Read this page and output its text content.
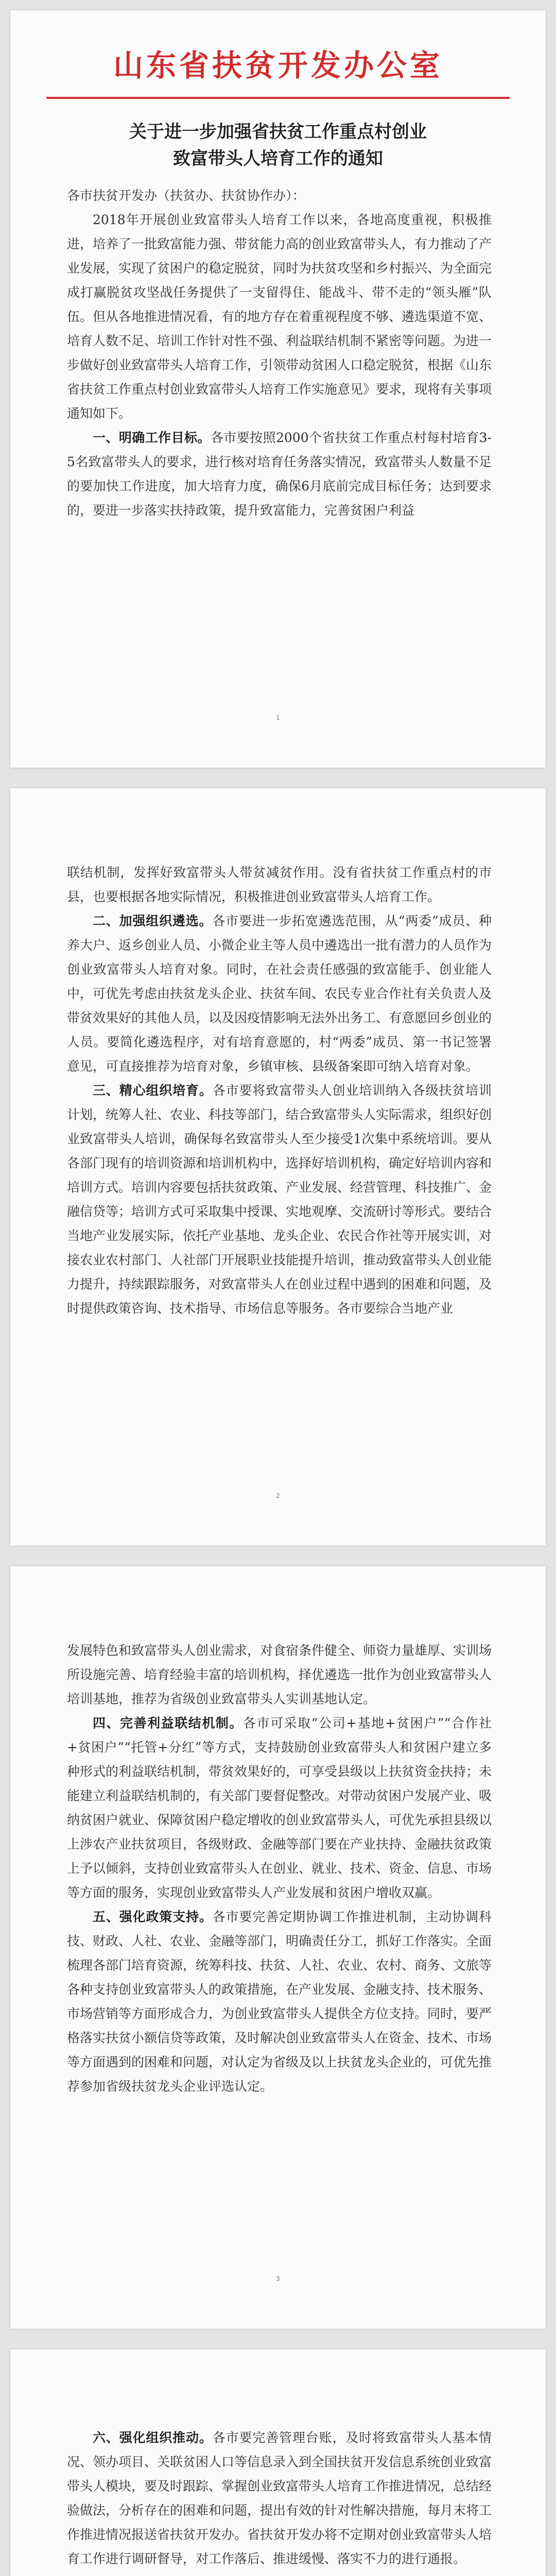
山东省扶贫开发办公室
关于进一步加强省扶贫工作重点村创业
致富带头人培育工作的通知

各市扶贫开发办（扶贫办、扶贫协作办）：

2018年开展创业致富带头人培育工作以来，各地高度重视，积极推进，培养了一批致富能力强、带贫能力高的创业致富带头人，有力推动了产业发展，实现了贫困户的稳定脱贫，同时为扶贫攻坚和乡村振兴、为全面完成打赢脱贫攻坚战任务提供了一支留得住、能战斗、带不走的“领头雁”队伍。但从各地推进情况看，有的地方存在着重视程度不够、遴选渠道不宽、培育人数不足、培训工作针对性不强、利益联结机制不紧密等问题。为进一步做好创业致富带头人培育工作，引领带动贫困人口稳定脱贫，根据《山东省扶贫工作重点村创业致富带头人培育工作实施意见》要求，现将有关事项通知如下。

一、明确工作目标。各市要按照2000个省扶贫工作重点村每村培育3-5名致富带头人的要求，进行核对培育任务落实情况，致富带头人数量不足的要加快工作进度，加大培育力度，确保6月底前完成目标任务；达到要求的，要进一步落实扶持政策，提升致富能力，完善贫困户利益

1

联结机制，发挥好致富带头人带贫减贫作用。没有省扶贫工作重点村的市县，也要根据各地实际情况，积极推进创业致富带头人培育工作。

二、加强组织遴选。各市要进一步拓宽遴选范围，从“两委”成员、种养大户、返乡创业人员、小微企业主等人员中遴选出一批有潜力的人员作为创业致富带头人培育对象。同时，在社会责任感强的致富能手、创业能人中，可优先考虑由扶贫龙头企业、扶贫车间、农民专业合作社有关负责人及带贫效果好的其他人员，以及因疫情影响无法外出务工、有意愿回乡创业的人员。要简化遴选程序，对有培育意愿的，村“两委”成员、第一书记签署意见，可直接推荐为培育对象，乡镇审核、县级备案即可纳入培育对象。

三、精心组织培育。各市要将致富带头人创业培训纳入各级扶贫培训计划，统筹人社、农业、科技等部门，结合致富带头人实际需求，组织好创业致富带头人培训，确保每名致富带头人至少接受1次集中系统培训。要从各部门现有的培训资源和培训机构中，选择好培训机构，确定好培训内容和培训方式。培训内容要包括扶贫政策、产业发展、经营管理、科技推广、金融信贷等；培训方式可采取集中授课、实地观摩、交流研讨等形式。要结合当地产业发展实际，依托产业基地、龙头企业、农民合作社等开展实训，对接农业农村部门、人社部门开展职业技能提升培训，推动致富带头人创业能力提升，持续跟踪服务，对致富带头人在创业过程中遇到的困难和问题，及时提供政策咨询、技术指导、市场信息等服务。各市要综合当地产业

2

发展特色和致富带头人创业需求，对食宿条件健全、师资力量雄厚、实训场所设施完善、培育经验丰富的培训机构，择优遴选一批作为创业致富带头人培训基地，推荐为省级创业致富带头人实训基地认定。

四、完善利益联结机制。各市可采取“公司+基地+贫困户”“合作社+贫困户”“托管+分红”等方式，支持鼓励创业致富带头人和贫困户建立多种形式的利益联结机制，带贫效果好的，可享受县级以上扶贫资金扶持；未能建立利益联结机制的，有关部门要督促整改。对带动贫困户发展产业、吸纳贫困户就业、保障贫困户稳定增收的创业致富带头人，可优先承担县级以上涉农产业扶贫项目，各级财政、金融等部门要在产业扶持、金融扶贫政策上予以倾斜，支持创业致富带头人在创业、就业、技术、资金、信息、市场等方面的服务，实现创业致富带头人产业发展和贫困户增收双赢。

五、强化政策支持。各市要完善定期协调工作推进机制，主动协调科技、财政、人社、农业、金融等部门，明确责任分工，抓好工作落实。全面梳理各部门培育资源，统筹科技、扶贫、人社、农业、农村、商务、文旅等各种支持创业致富带头人的政策措施，在产业发展、金融支持、技术服务、市场营销等方面形成合力，为创业致富带头人提供全方位支持。同时，要严格落实扶贫小额信贷等政策，及时解决创业致富带头人在资金、技术、市场等方面遇到的困难和问题，对认定为省级及以上扶贫龙头企业的，可优先推荐参加省级扶贫龙头企业评选认定。

3

六、强化组织推动。各市要完善管理台账，及时将致富带头人基本情况、领办项目、关联贫困人口等信息录入到全国扶贫开发信息系统创业致富带头人模块，要及时跟踪、掌握创业致富带头人培育工作推进情况，总结经验做法，分析存在的困难和问题，提出有效的针对性解决措施，每月末将工作推进情况报送省扶贫开发办。省扶贫开发办将不定期对创业致富带头人培育工作进行调研督导，对工作落后、推进缓慢、落实不力的进行通报。
